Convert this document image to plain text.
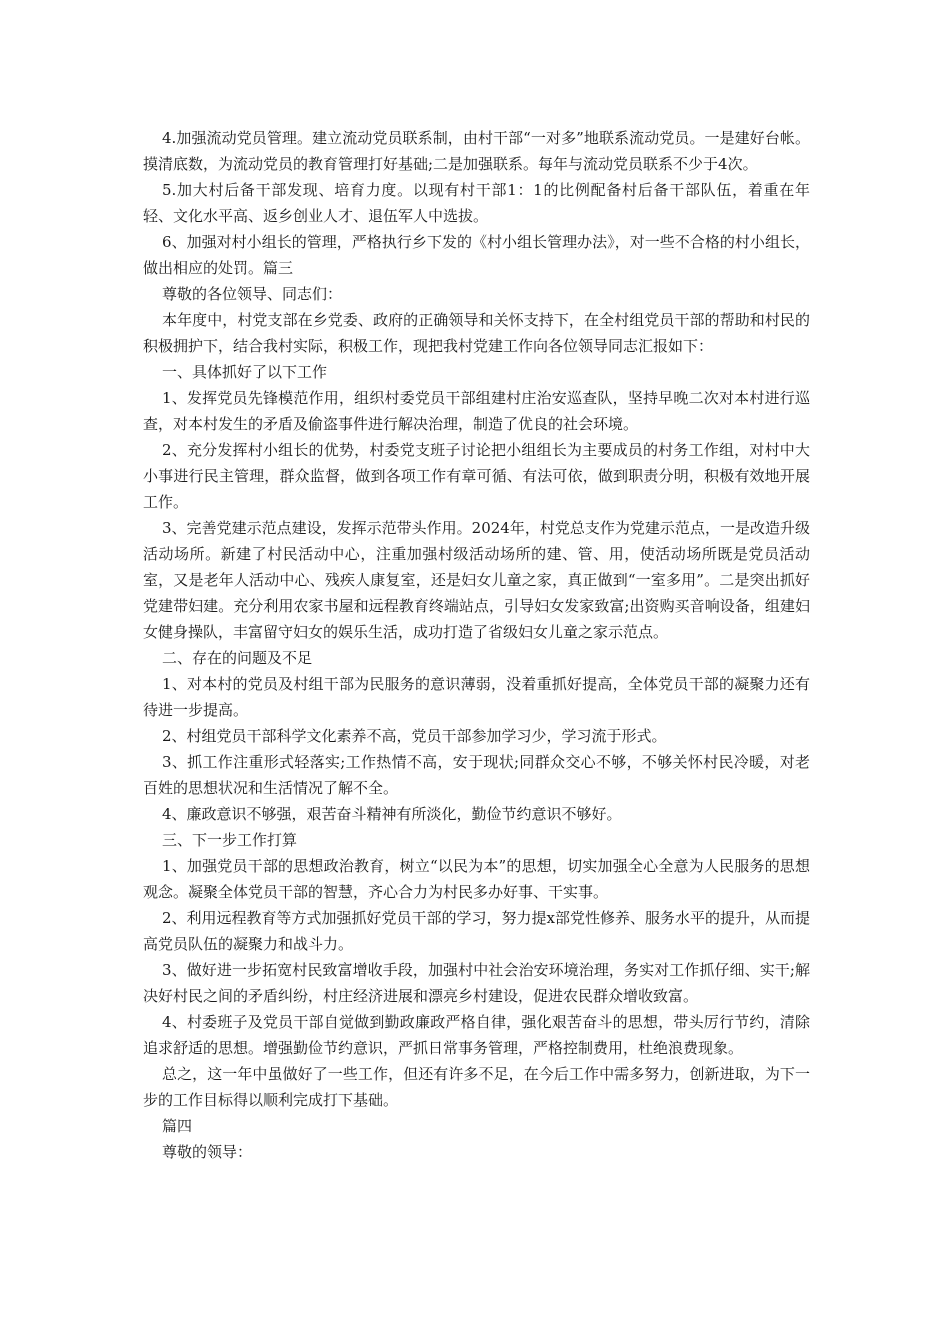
4.加强流动党员管理。建立流动党员联系制，由村干部“一对多”地联系流动党员。一是建好台帐。摸清底数，为流动党员的教育管理打好基础;二是加强联系。每年与流动党员联系不少于4次。

5.加大村后备干部发现、培育力度。以现有村干部1：1的比例配备村后备干部队伍，着重在年轻、文化水平高、返乡创业人才、退伍军人中选拔。

6、加强对村小组长的管理，严格执行乡下发的《村小组长管理办法》，对一些不合格的村小组长，做出相应的处罚。篇三

尊敬的各位领导、同志们：

本年度中，村党支部在乡党委、政府的正确领导和关怀支持下，在全村组党员干部的帮助和村民的积极拥护下，结合我村实际，积极工作，现把我村党建工作向各位领导同志汇报如下：

一、具体抓好了以下工作

1、发挥党员先锋模范作用，组织村委党员干部组建村庄治安巡查队，坚持早晚二次对本村进行巡查，对本村发生的矛盾及偷盗事件进行解决治理，制造了优良的社会环境。

2、充分发挥村小组长的优势，村委党支班子讨论把小组组长为主要成员的村务工作组，对村中大小事进行民主管理，群众监督，做到各项工作有章可循、有法可依，做到职责分明，积极有效地开展工作。

3、完善党建示范点建设，发挥示范带头作用。2024年，村党总支作为党建示范点，一是改造升级活动场所。新建了村民活动中心，注重加强村级活动场所的建、管、用，使活动场所既是党员活动室，又是老年人活动中心、残疾人康复室，还是妇女儿童之家，真正做到“一室多用”。二是突出抓好党建带妇建。充分利用农家书屋和远程教育终端站点，引导妇女发家致富;出资购买音响设备，组建妇女健身操队，丰富留守妇女的娱乐生活，成功打造了省级妇女儿童之家示范点。

二、存在的问题及不足

1、对本村的党员及村组干部为民服务的意识薄弱，没着重抓好提高，全体党员干部的凝聚力还有待进一步提高。

2、村组党员干部科学文化素养不高，党员干部参加学习少，学习流于形式。

3、抓工作注重形式轻落实;工作热情不高，安于现状;同群众交心不够，不够关怀村民冷暖，对老百姓的思想状况和生活情况了解不全。

4、廉政意识不够强，艰苦奋斗精神有所淡化，勤俭节约意识不够好。

三、下一步工作打算

1、加强党员干部的思想政治教育，树立“以民为本”的思想，切实加强全心全意为人民服务的思想观念。凝聚全体党员干部的智慧，齐心合力为村民多办好事、干实事。

2、利用远程教育等方式加强抓好党员干部的学习，努力提x部党性修养、服务水平的提升，从而提高党员队伍的凝聚力和战斗力。

3、做好进一步拓宽村民致富增收手段，加强村中社会治安环境治理，务实对工作抓仔细、实干;解决好村民之间的矛盾纠纷，村庄经济进展和漂亮乡村建设，促进农民群众增收致富。

4、村委班子及党员干部自觉做到勤政廉政严格自律，强化艰苦奋斗的思想，带头厉行节约，清除追求舒适的思想。增强勤俭节约意识，严抓日常事务管理，严格控制费用，杜绝浪费现象。

总之，这一年中虽做好了一些工作，但还有许多不足，在今后工作中需多努力，创新进取，为下一步的工作目标得以顺利完成打下基础。

篇四

尊敬的领导：
